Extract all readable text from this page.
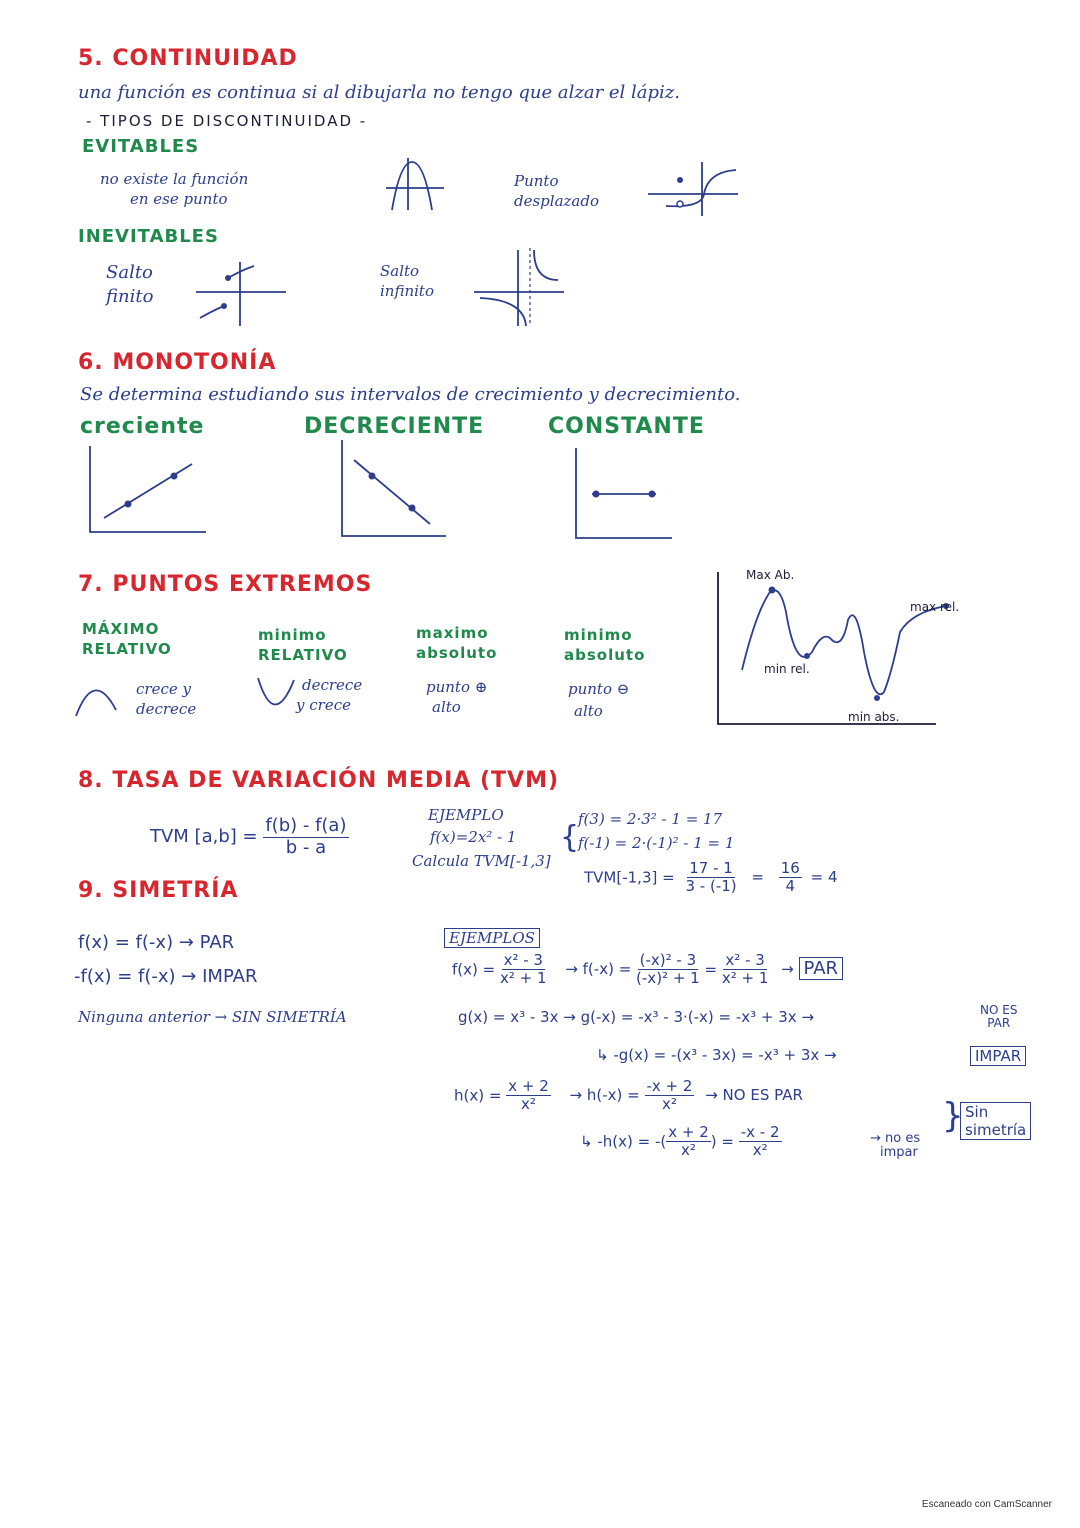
5. CONTINUIDAD
una función es continua si al dibujarla no tengo que alzar el lápiz.
- TIPOS DE DISCONTINUIDAD -
EVITABLES
no existe la función
en ese punto
Punto
desplazado
INEVITABLES
Salto
finito
Salto
infinito
6. MONOTONÍA
Se determina estudiando sus intervalos de crecimiento y decrecimiento.
creciente	DECRECIENTE	CONSTANTE
7. PUNTOS EXTREMOS
MÁXIMO
RELATIVO
crece y
decrece
minimo
RELATIVO
decrece
y crece
maximo
absoluto
punto ⊕
alto
minimo
absoluto
punto ⊖
alto
Max Ab.
max rel.
min rel.
min abs.
8. TASA DE VARIACIÓN MEDIA (TVM)
TVM $[a,b] = \frac{f(b) - f(a)}{b - a}$
EJEMPLO
f(x)=2x² - 1
Calcula TVM[-1,3]
{
f(3) = 2·3² - 1 = 17
f(-1) = 2·(-1)² - 1 = 1
$TVM[-1,3] = \frac{17 - 1}{3 - (-1)} = \frac{16}{4} = 4$
9. SIMETRÍA
f(x) = f(-x) → PAR
-f(x) = f(-x) → IMPAR
Ninguna anterior → SIN SIMETRÍA
EJEMPLOS
$f(x) = \frac{\text{x² - 3}}{\text{x² + 1}} \to f(-x) = \frac{\text{(-x)² - 3}}{\text{(-x)² + 1}} = \frac{\text{x² - 3}}{\text{x² + 1}}$ → PAR
g(x) = x³ - 3x → g(-x) = -x³ - 3·(-x) = -x³ + 3x →	NO ES
PAR
↳ -g(x) = -(x³ - 3x) = -x³ + 3x →	IMPAR
$h(x) = \frac{x + 2}{\text{x²}} \to h(-x) = \frac{-x + 2}{\text{x²}}$ → NO ES PAR
↳ -h(x) = -( $\frac{x + 2}{\text{x²}}$ ) = $\frac{-x - 2}{\text{x²}}$	→ no es
impar
} Sin
simetría
Escaneado con CamScanner
